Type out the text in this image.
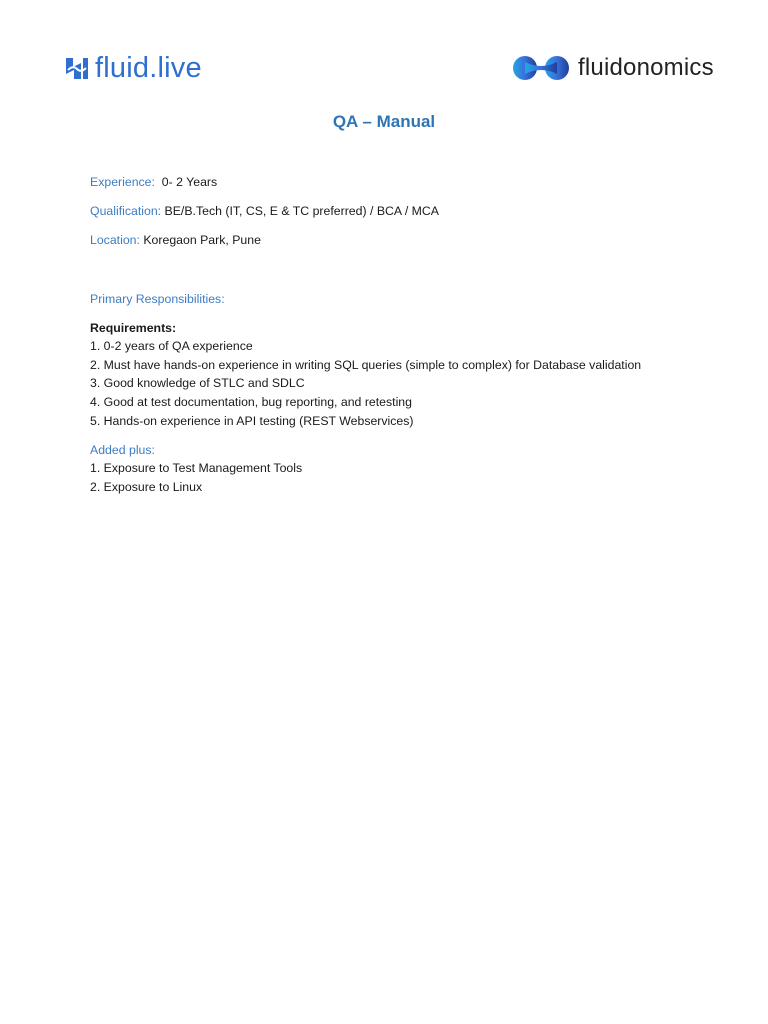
fluid.live	fluidonomics
QA – Manual
Experience: 0- 2 Years
Qualification: BE/B.Tech (IT, CS, E & TC preferred) / BCA / MCA
Location: Koregaon Park, Pune
Primary Responsibilities:
Requirements:
1. 0-2 years of QA experience
2. Must have hands-on experience in writing SQL queries (simple to complex) for Database validation
3. Good knowledge of STLC and SDLC
4. Good at test documentation, bug reporting, and retesting
5. Hands-on experience in API testing (REST Webservices)
Added plus:
1. Exposure to Test Management Tools
2. Exposure to Linux
